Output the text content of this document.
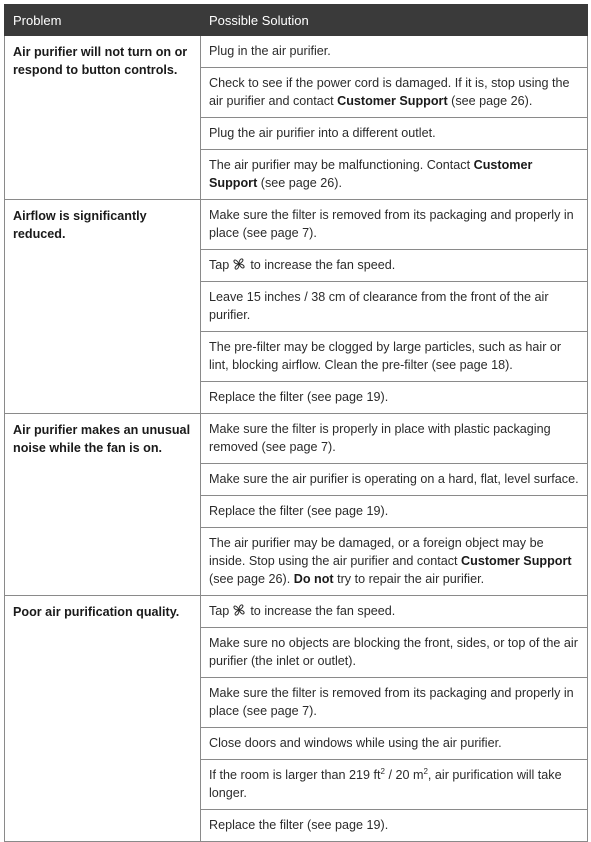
Problem	Possible Solution
Air purifier will not turn on or respond to button controls.	Plug in the air purifier.
	Check to see if the power cord is damaged. If it is, stop using the air purifier and contact Customer Support (see page 26).
	Plug the air purifier into a different outlet.
	The air purifier may be malfunctioning. Contact Customer Support (see page 26).
Airflow is significantly reduced.	Make sure the filter is removed from its packaging and properly in place (see page 7).
	Tap to increase the fan speed.
	Leave 15 inches / 38 cm of clearance from the front of the air purifier.
	The pre-filter may be clogged by large particles, such as hair or lint, blocking airflow. Clean the pre-filter (see page 18).
	Replace the filter (see page 19).
Air purifier makes an unusual noise while the fan is on.	Make sure the filter is properly in place with plastic packaging removed (see page 7).
	Make sure the air purifier is operating on a hard, flat, level surface.
	Replace the filter (see page 19).
	The air purifier may be damaged, or a foreign object may be inside. Stop using the air purifier and contact Customer Support (see page 26). Do not try to repair the air purifier.
Poor air purification quality.	Tap to increase the fan speed.
	Make sure no objects are blocking the front, sides, or top of the air purifier (the inlet or outlet).
	Make sure the filter is removed from its packaging and properly in place (see page 7).
	Close doors and windows while using the air purifier.
	If the room is larger than 219 $ft^2 / 20$ $m^2$, air purification will take longer.
	Replace the filter (see page 19).
